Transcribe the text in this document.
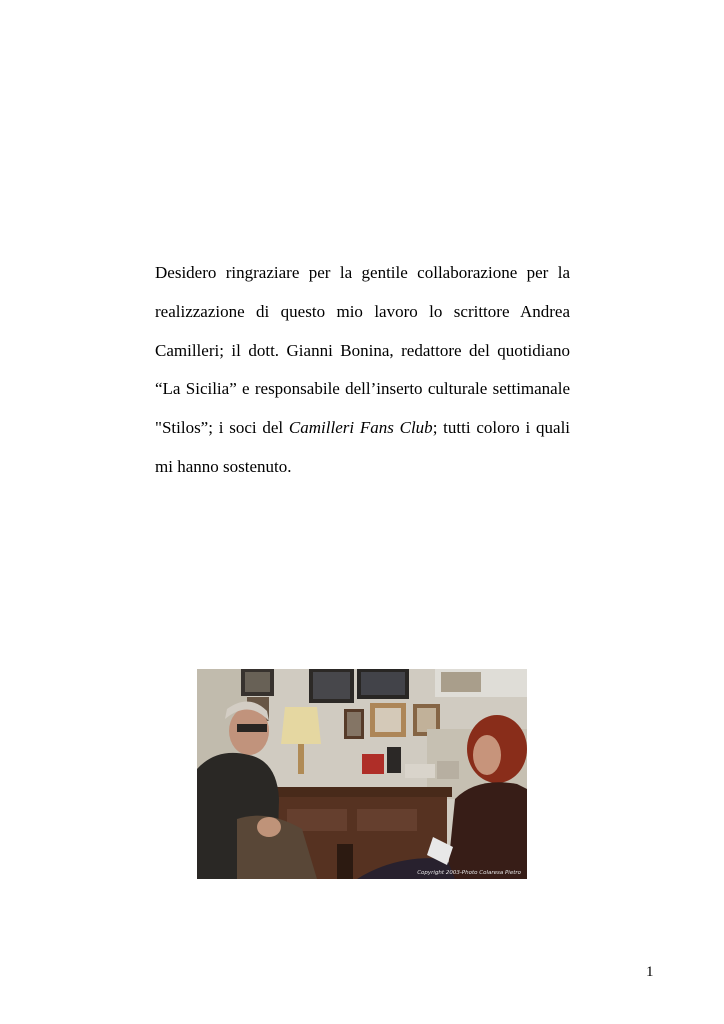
Desidero ringraziare per la gentile collaborazione per la
realizzazione di questo mio lavoro lo scrittore Andrea
Camilleri; il dott. Gianni Bonina, redattore del quotidiano
“La Sicilia” e responsabile dell’inserto culturale settimanale
"Stilos”; i soci del Camilleri Fans Club; tutti coloro i quali
mi hanno sostenuto.
Copyright 2003-Photo Colaresa Pietro
1
